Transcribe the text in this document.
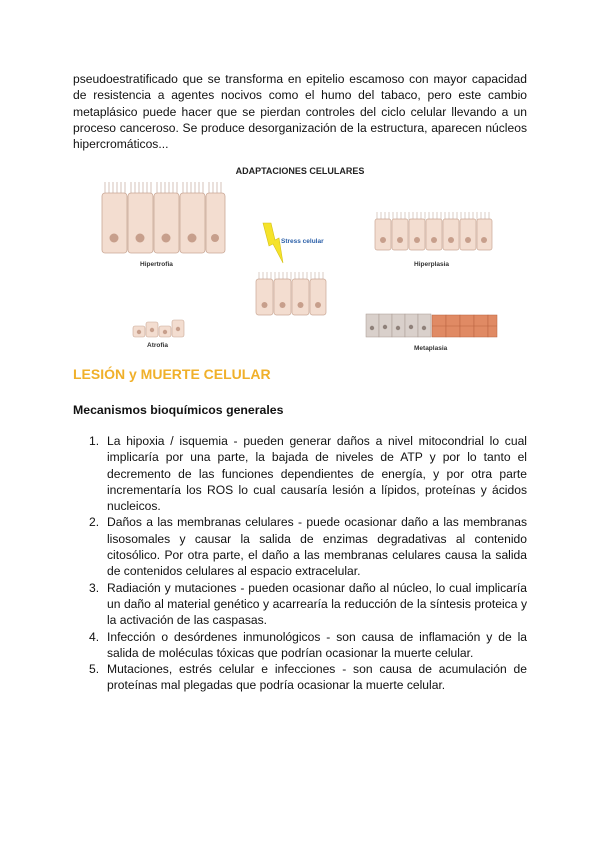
pseudoestratificado que se transforma en epitelio escamoso con mayor capacidad de resistencia a agentes nocivos como el humo del tabaco, pero este cambio metaplásico puede hacer que se pierdan controles del ciclo celular llevando a un proceso canceroso. Se produce desorganización de la estructura, aparecen núcleos hipercromáticos...

ADAPTACIONES CELULARES
Hipertrofia	Hiperplasia
Atrofia	Metaplasia
Stress celular
LESIÓN y MUERTE CELULAR
Mecanismos bioquímicos generales
1. La hipoxia / isquemia - pueden generar daños a nivel mitocondrial lo cual implicaría por una parte, la bajada de niveles de ATP y por lo tanto el decremento de las funciones dependientes de energía, y por otra parte incrementaría los ROS lo cual causaría lesión a lípidos, proteínas y ácidos nucleicos.
2. Daños a las membranas celulares - puede ocasionar daño a las membranas lisosomales y causar la salida de enzimas degradativas al contenido citosólico. Por otra parte, el daño a las membranas celulares causa la salida de contenidos celulares al espacio extracelular.
3. Radiación y mutaciones - pueden ocasionar daño al núcleo, lo cual implicaría un daño al material genético y acarrearía la reducción de la síntesis proteica y la activación de las caspasas.
4. Infección o desórdenes inmunológicos - son causa de inflamación y de la salida de moléculas tóxicas que podrían ocasionar la muerte celular.
5. Mutaciones, estrés celular e infecciones - son causa de acumulación de proteínas mal plegadas que podría ocasionar la muerte celular.
